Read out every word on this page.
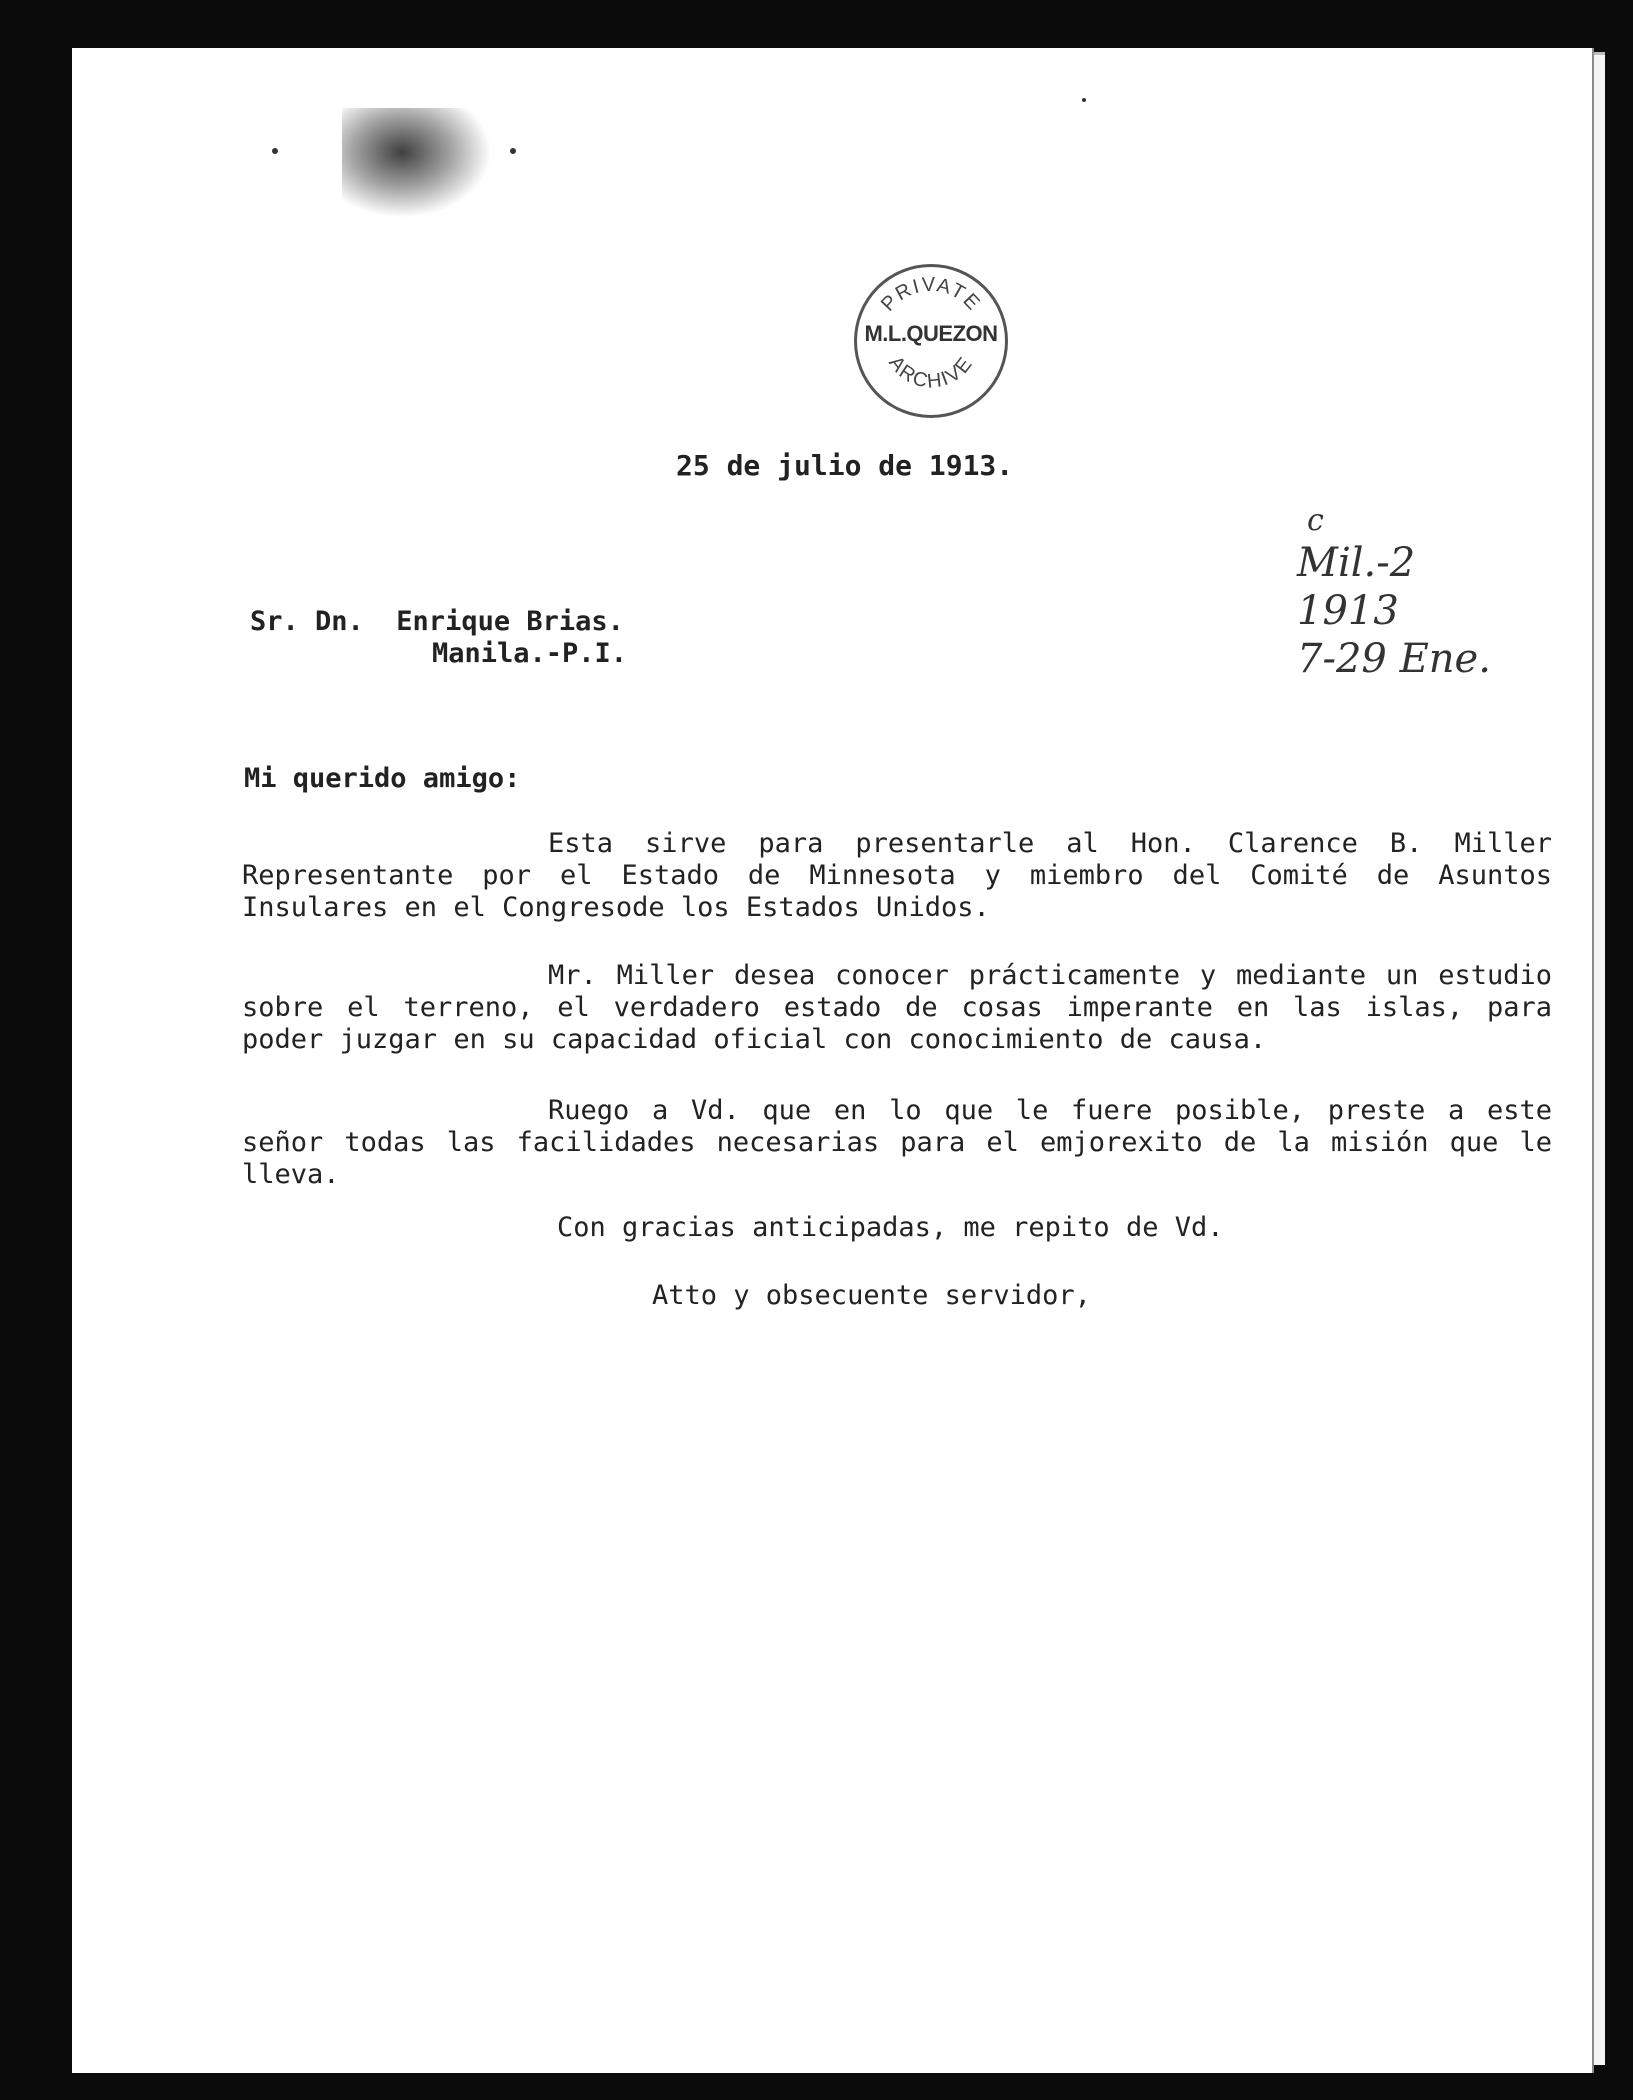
PRIVATE
ARCHIVE
M.L.QUEZON
25 de julio de 1913.
c
Mil.-2
1913
7-29 Ene.
Sr. Dn.  Enrique Brias.
Manila.-P.I.
Mi querido amigo:
Esta sirve para presentarle al Hon. Clarence B. Miller Representante por el Estado de Minnesota y miembro del Comité de Asuntos Insulares en el Congresode los Estados Unidos.
Mr. Miller desea conocer prácticamente y mediante un estudio sobre el terreno, el verdadero estado de cosas imperante en las islas, para poder juzgar en su capacidad oficial con conocimiento de causa.
Ruego a Vd. que en lo que le fuere posible, preste a este señor todas las facilidades necesarias para el emjorexito de la misión que le lleva.
Con gracias anticipadas, me repito de Vd.
Atto y obsecuente servidor,
